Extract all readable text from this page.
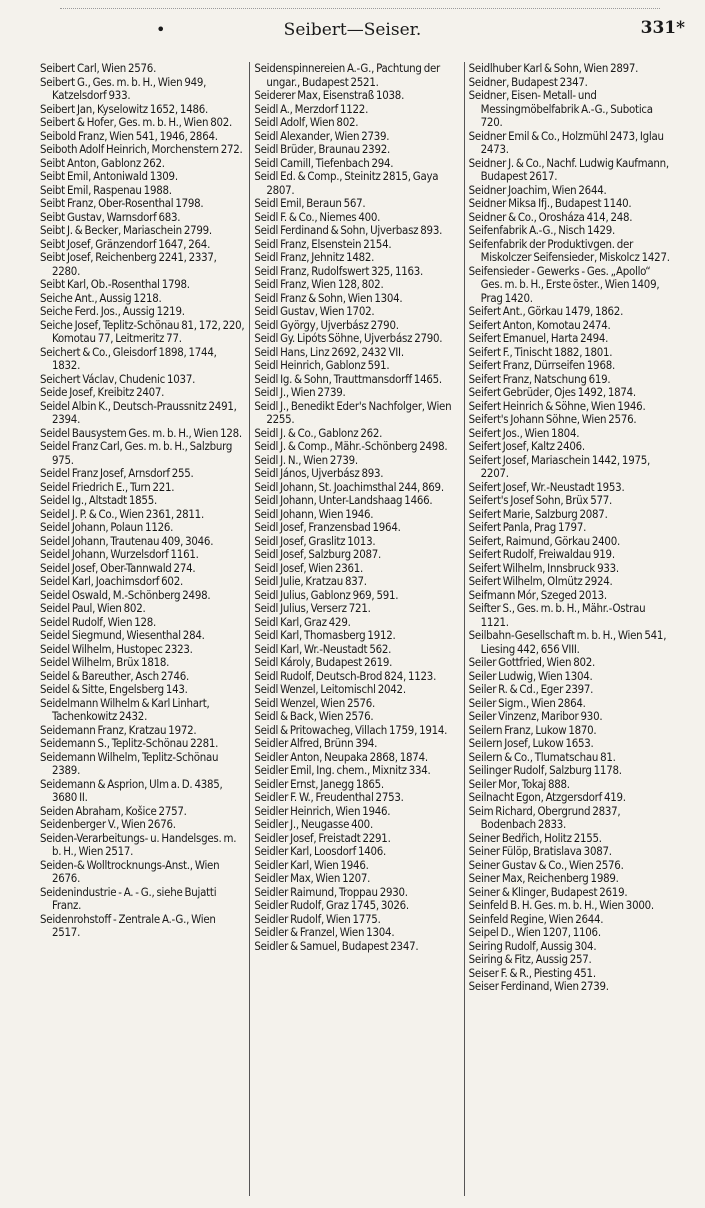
•	Seibert—Seiser.	331*
Seibert Carl, Wien 2576.
Seibert G., Ges. m. b. H., Wien 949, Katzelsdorf 933.
Seibert Jan, Kyselowitz 1652, 1486.
Seibert & Hofer, Ges. m. b. H., Wien 802.
Seibold Franz, Wien 541, 1946, 2864.
Seiboth Adolf Heinrich, Morchenstern 272.
Seibt Anton, Gablonz 262.
Seibt Emil, Antoniwald 1309.
Seibt Emil, Raspenau 1988.
Seibt Franz, Ober-Rosenthal 1798.
Seibt Gustav, Warnsdorf 683.
Seibt J. & Becker, Mariaschein 2799.
Seibt Josef, Gränzendorf 1647, 264.
Seibt Josef, Reichenberg 2241, 2337, 2280.
Seibt Karl, Ob.-Rosenthal 1798.
Seiche Ant., Aussig 1218.
Seiche Ferd. Jos., Aussig 1219.
Seiche Josef, Teplitz-Schönau 81, 172, 220, Komotau 77, Leitmeritz 77.
Seichert & Co., Gleisdorf 1898, 1744, 1832.
Seichert Václav, Chudenic 1037.
Seide Josef, Kreibitz 2407.
Seidel Albin K., Deutsch-Praussnitz 2491, 2394.
Seidel Bausystem Ges. m. b. H., Wien 128.
Seidel Franz Carl, Ges. m. b. H., Salzburg 975.
Seidel Franz Josef, Arnsdorf 255.
Seidel Friedrich E., Turn 221.
Seidel Ig., Altstadt 1855.
Seidel J. P. & Co., Wien 2361, 2811.
Seidel Johann, Polaun 1126.
Seidel Johann, Trautenau 409, 3046.
Seidel Johann, Wurzelsdorf 1161.
Seidel Josef, Ober-Tannwald 274.
Seidel Karl, Joachimsdorf 602.
Seidel Oswald, M.-Schönberg 2498.
Seidel Paul, Wien 802.
Seidel Rudolf, Wien 128.
Seidel Siegmund, Wiesenthal 284.
Seidel Wilhelm, Hustopec 2323.
Seidel Wilhelm, Brüx 1818.
Seidel & Bareuther, Asch 2746.
Seidel & Sitte, Engelsberg 143.
Seidelmann Wilhelm & Karl Linhart, Tachenkowitz 2432.
Seidemann Franz, Kratzau 1972.
Seidemann S., Teplitz-Schönau 2281.
Seidemann Wilhelm, Teplitz-Schönau 2389.
Seidemann & Asprion, Ulm a. D. 4385, 3680 II.
Seiden Abraham, Košice 2757.
Seidenberger V., Wien 2676.
Seiden-Verarbeitungs- u. Handelsges. m. b. H., Wien 2517.
Seiden-& Wolltrocknungs-Anst., Wien 2676.
Seidenindustrie - A. - G., siehe Bujatti Franz.
Seidenrohstoff - Zentrale A.-G., Wien 2517.
Seidenspinnereien A.-G., Pachtung der ungar., Budapest 2521.
Seiderer Max, Eisenstraß 1038.
Seidl A., Merzdorf 1122.
Seidl Adolf, Wien 802.
Seidl Alexander, Wien 2739.
Seidl Brüder, Braunau 2392.
Seidl Camill, Tiefenbach 294.
Seidl Ed. & Comp., Steinitz 2815, Gaya 2807.
Seidl Emil, Beraun 567.
Seidl F. & Co., Niemes 400.
Seidl Ferdinand & Sohn, Ujverbasz 893.
Seidl Franz, Elsenstein 2154.
Seidl Franz, Jehnitz 1482.
Seidl Franz, Rudolfswert 325, 1163.
Seidl Franz, Wien 128, 802.
Seidl Franz & Sohn, Wien 1304.
Seidl Gustav, Wien 1702.
Seidl György, Ujverbász 2790.
Seidl Gy. Lipóts Söhne, Ujverbász 2790.
Seidl Hans, Linz 2692, 2432 VII.
Seidl Heinrich, Gablonz 591.
Seidl Ig. & Sohn, Trauttmansdorff 1465.
Seidl J., Wien 2739.
Seidl J., Benedikt Eder's Nachfolger, Wien 2255.
Seidl J. & Co., Gablonz 262.
Seidl J. & Comp., Mähr.-Schönberg 2498.
Seidl J. N., Wien 2739.
Seidl János, Ujverbász 893.
Seidl Johann, St. Joachimsthal 244, 869.
Seidl Johann, Unter-Landshaag 1466.
Seidl Johann, Wien 1946.
Seidl Josef, Franzensbad 1964.
Seidl Josef, Graslitz 1013.
Seidl Josef, Salzburg 2087.
Seidl Josef, Wien 2361.
Seidl Julie, Kratzau 837.
Seidl Julius, Gablonz 969, 591.
Seidl Julius, Verserz 721.
Seidl Karl, Graz 429.
Seidl Karl, Thomasberg 1912.
Seidl Karl, Wr.-Neustadt 562.
Seidl Károly, Budapest 2619.
Seidl Rudolf, Deutsch-Brod 824, 1123.
Seidl Wenzel, Leitomischl 2042.
Seidl Wenzel, Wien 2576.
Seidl & Back, Wien 2576.
Seidl & Pritowacheg, Villach 1759, 1914.
Seidler Alfred, Brünn 394.
Seidler Anton, Neupaka 2868, 1874.
Seidler Emil, Ing. chem., Mixnitz 334.
Seidler Ernst, Janegg 1865.
Seidler F. W., Freudenthal 2753.
Seidler Heinrich, Wien 1946.
Seidler J., Neugasse 400.
Seidler Josef, Freistadt 2291.
Seidler Karl, Loosdorf 1406.
Seidler Karl, Wien 1946.
Seidler Max, Wien 1207.
Seidler Raimund, Troppau 2930.
Seidler Rudolf, Graz 1745, 3026.
Seidler Rudolf, Wien 1775.
Seidler & Franzel, Wien 1304.
Seidler & Samuel, Budapest 2347.
Seidlhuber Karl & Sohn, Wien 2897.
Seidner, Budapest 2347.
Seidner, Eisen- Metall- und Messingmöbelfabrik A.-G., Subotica 720.
Seidner Emil & Co., Holzmühl 2473, Iglau 2473.
Seidner J. & Co., Nachf. Ludwig Kaufmann, Budapest 2617.
Seidner Joachim, Wien 2644.
Seidner Miksa Ifj., Budapest 1140.
Seidner & Co., Orosháza 414, 248.
Seifenfabrik A.-G., Nisch 1429.
Seifenfabrik der Produktivgen. der Miskolczer Seifensieder, Miskolcz 1427.
Seifensieder - Gewerks - Ges. „Apollo“ Ges. m. b. H., Erste öster., Wien 1409, Prag 1420.
Seifert Ant., Görkau 1479, 1862.
Seifert Anton, Komotau 2474.
Seifert Emanuel, Harta 2494.
Seifert F., Tinischt 1882, 1801.
Seifert Franz, Dürrseifen 1968.
Seifert Franz, Natschung 619.
Seifert Gebrüder, Ojes 1492, 1874.
Seifert Heinrich & Söhne, Wien 1946.
Seifert's Johann Söhne, Wien 2576.
Seifert Jos., Wien 1804.
Seifert Josef, Kaltz 2406.
Seifert Josef, Mariaschein 1442, 1975, 2207.
Seifert Josef, Wr.-Neustadt 1953.
Seifert's Josef Sohn, Brüx 577.
Seifert Marie, Salzburg 2087.
Seifert Panla, Prag 1797.
Seifert, Raimund, Görkau 2400.
Seifert Rudolf, Freiwaldau 919.
Seifert Wilhelm, Innsbruck 933.
Seifert Wilhelm, Olmütz 2924.
Seifmann Mór, Szeged 2013.
Seifter S., Ges. m. b. H., Mähr.-Ostrau 1121.
Seilbahn-Gesellschaft m. b. H., Wien 541, Liesing 442, 656 VIII.
Seiler Gottfried, Wien 802.
Seiler Ludwig, Wien 1304.
Seiler R. & Cd., Eger 2397.
Seiler Sigm., Wien 2864.
Seiler Vinzenz, Maribor 930.
Seilern Franz, Lukow 1870.
Seilern Josef, Lukow 1653.
Seilern & Co., Tlumatschau 81.
Seilinger Rudolf, Salzburg 1178.
Seiler Mor, Tokaj 888.
Seilnacht Egon, Atzgersdorf 419.
Seim Richard, Obergrund 2837, Bodenbach 2833.
Seiner Bedřich, Holitz 2155.
Seiner Fülöp, Bratislava 3087.
Seiner Gustav & Co., Wien 2576.
Seiner Max, Reichenberg 1989.
Seiner & Klinger, Budapest 2619.
Seinfeld B. H. Ges. m. b. H., Wien 3000.
Seinfeld Regine, Wien 2644.
Seipel D., Wien 1207, 1106.
Seiring Rudolf, Aussig 304.
Seiring & Fitz, Aussig 257.
Seiser F. & R., Piesting 451.
Seiser Ferdinand, Wien 2739.
